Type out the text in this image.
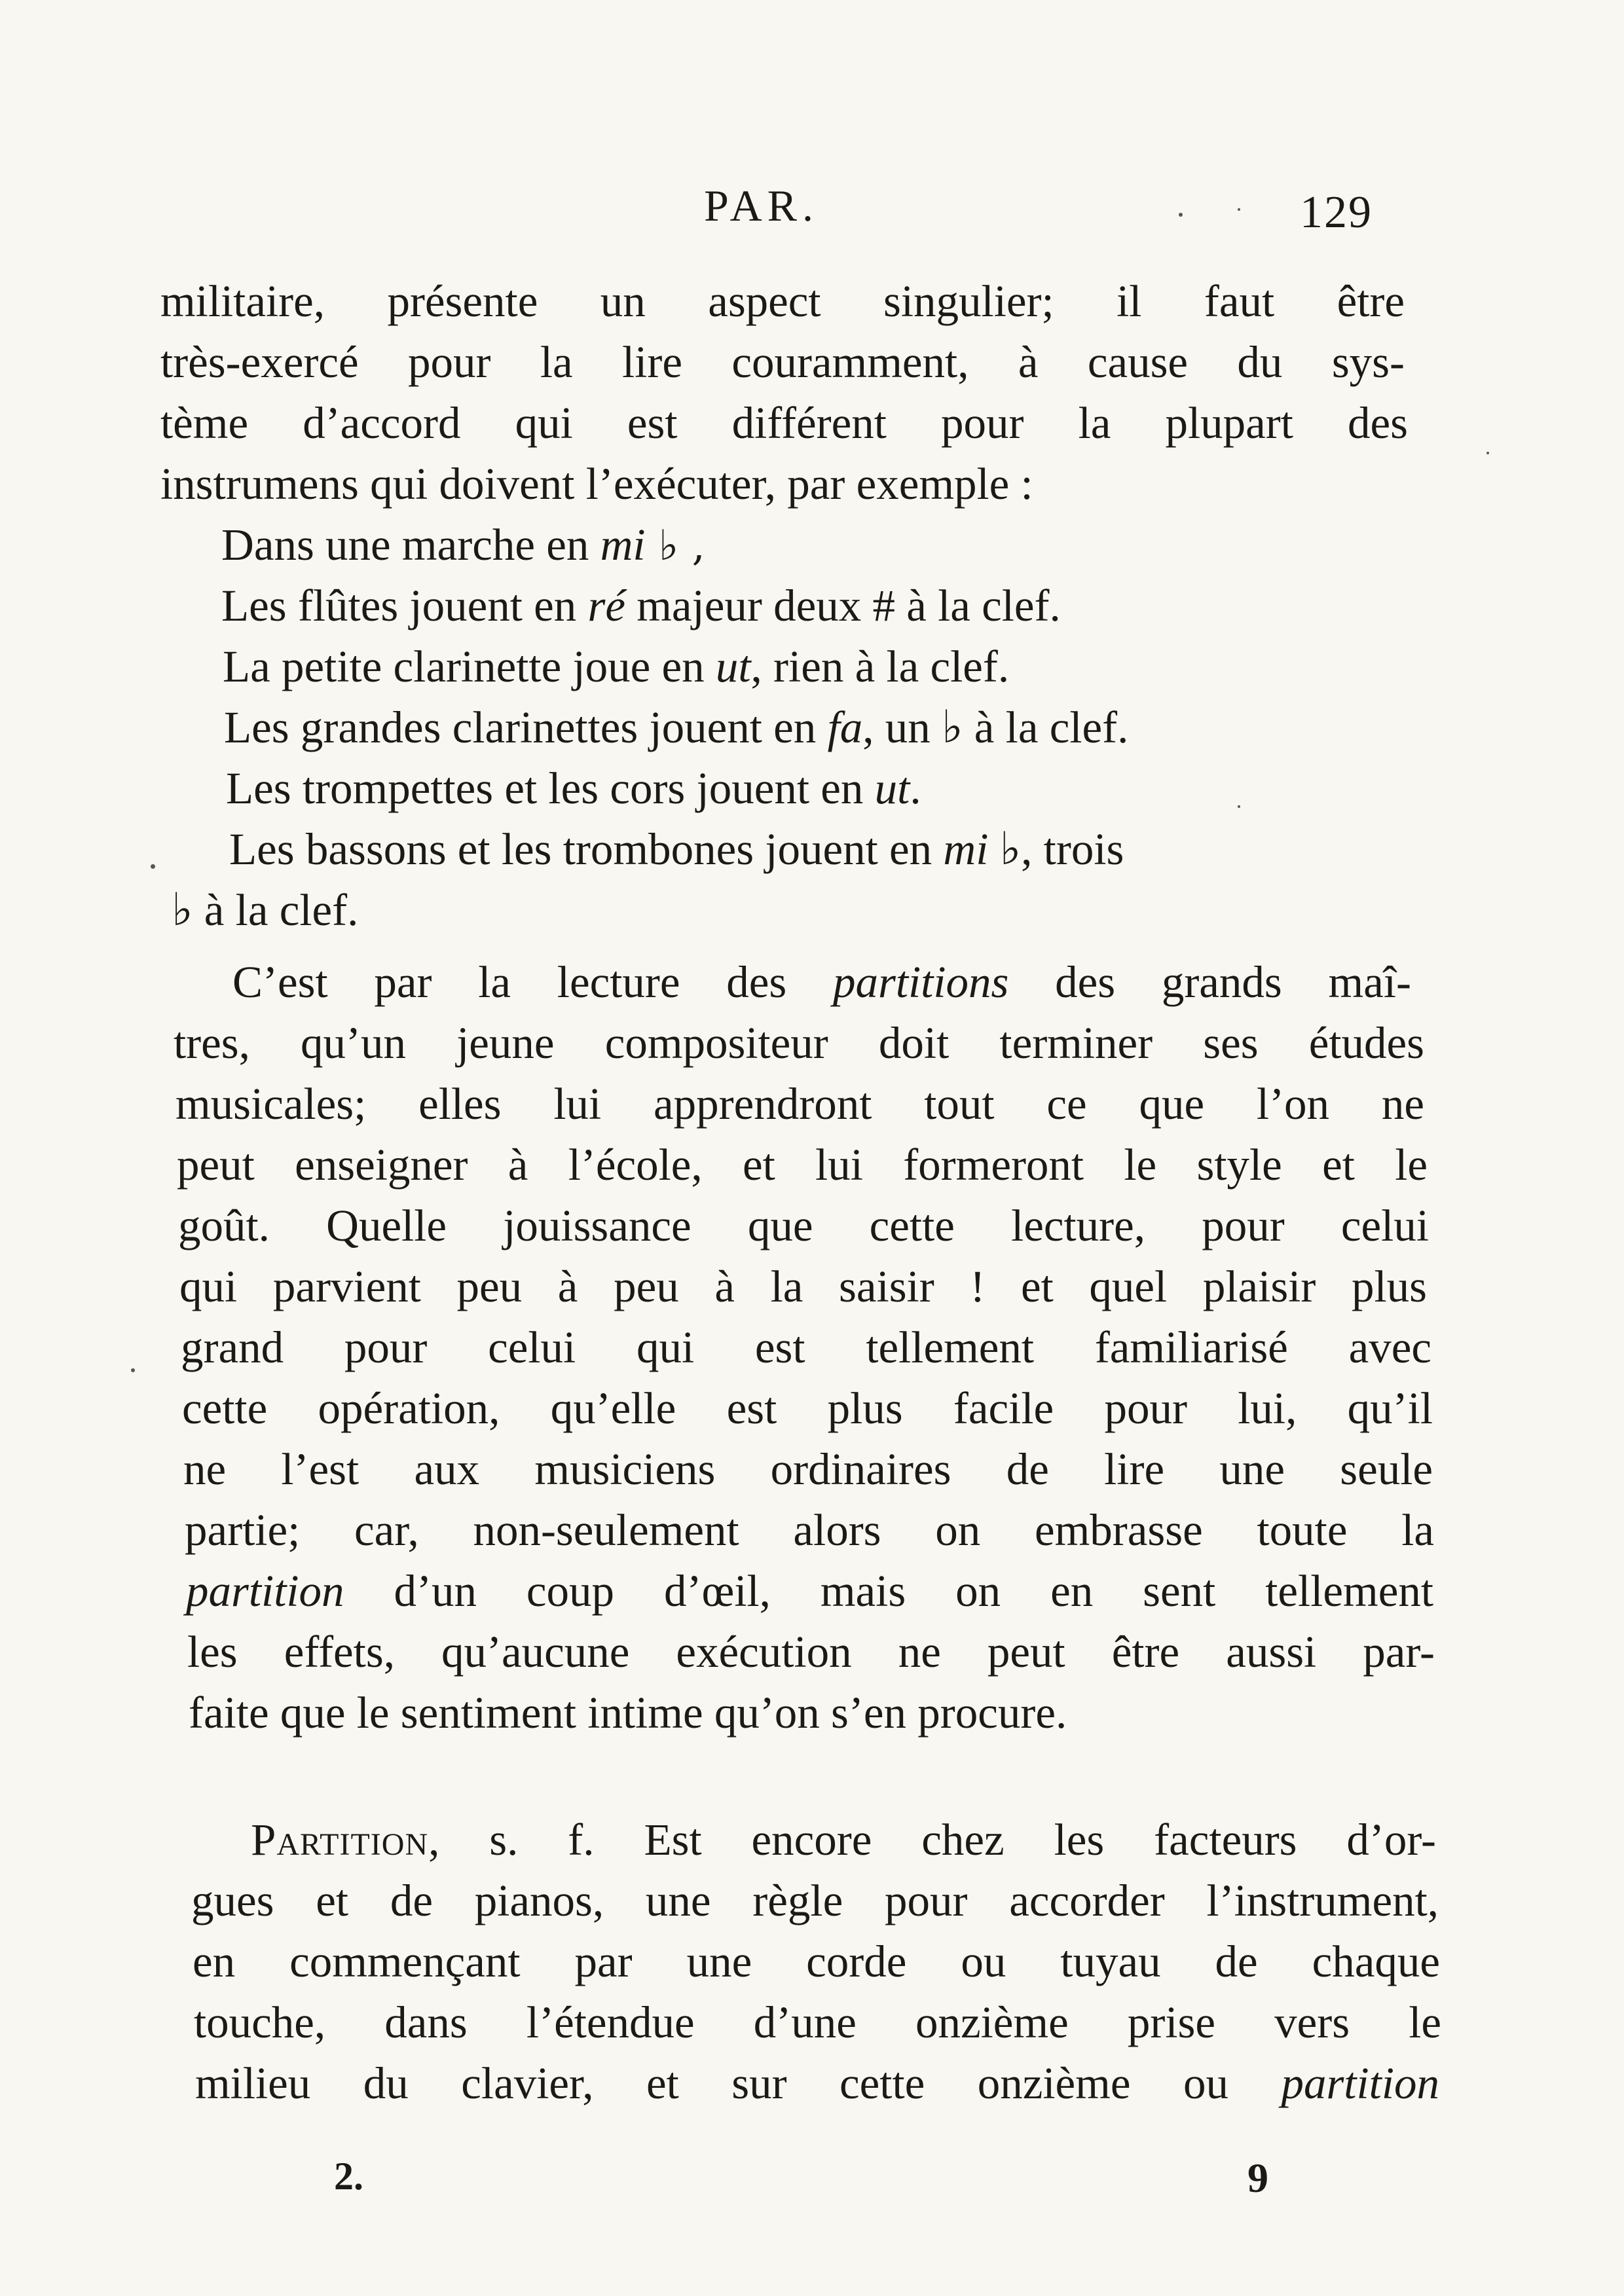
PAR.	129
militaire, présente un aspect singulier; il faut être
très-exercé pour la lire couramment, à cause du sys-
tème d’accord qui est différent pour la plupart des
instrumens qui doivent l’exécuter, par exemple :
Dans une marche en mi ♭ ,
Les flûtes jouent en ré majeur deux # à la clef.
La petite clarinette joue en ut, rien à la clef.
Les grandes clarinettes jouent en fa, un ♭ à la clef.
Les trompettes et les cors jouent en ut.
Les bassons et les trombones jouent en mi ♭, trois
♭ à la clef.
C’est par la lecture des partitions des grands maî-
tres, qu’un jeune compositeur doit terminer ses études
musicales; elles lui apprendront tout ce que l’on ne
peut enseigner à l’école, et lui formeront le style et le
goût. Quelle jouissance que cette lecture, pour celui
qui parvient peu à peu à la saisir ! et quel plaisir plus
grand pour celui qui est tellement familiarisé avec
cette opération, qu’elle est plus facile pour lui, qu’il
ne l’est aux musiciens ordinaires de lire une seule
partie; car, non-seulement alors on embrasse toute la
partition d’un coup d’œil, mais on en sent tellement
les effets, qu’aucune exécution ne peut être aussi par-
faite que le sentiment intime qu’on s’en procure.
Partition, s. f. Est encore chez les facteurs d’or-
gues et de pianos, une règle pour accorder l’instrument,
en commençant par une corde ou tuyau de chaque
touche, dans l’étendue d’une onzième prise vers le
milieu du clavier, et sur cette onzième ou partition
2.	9
